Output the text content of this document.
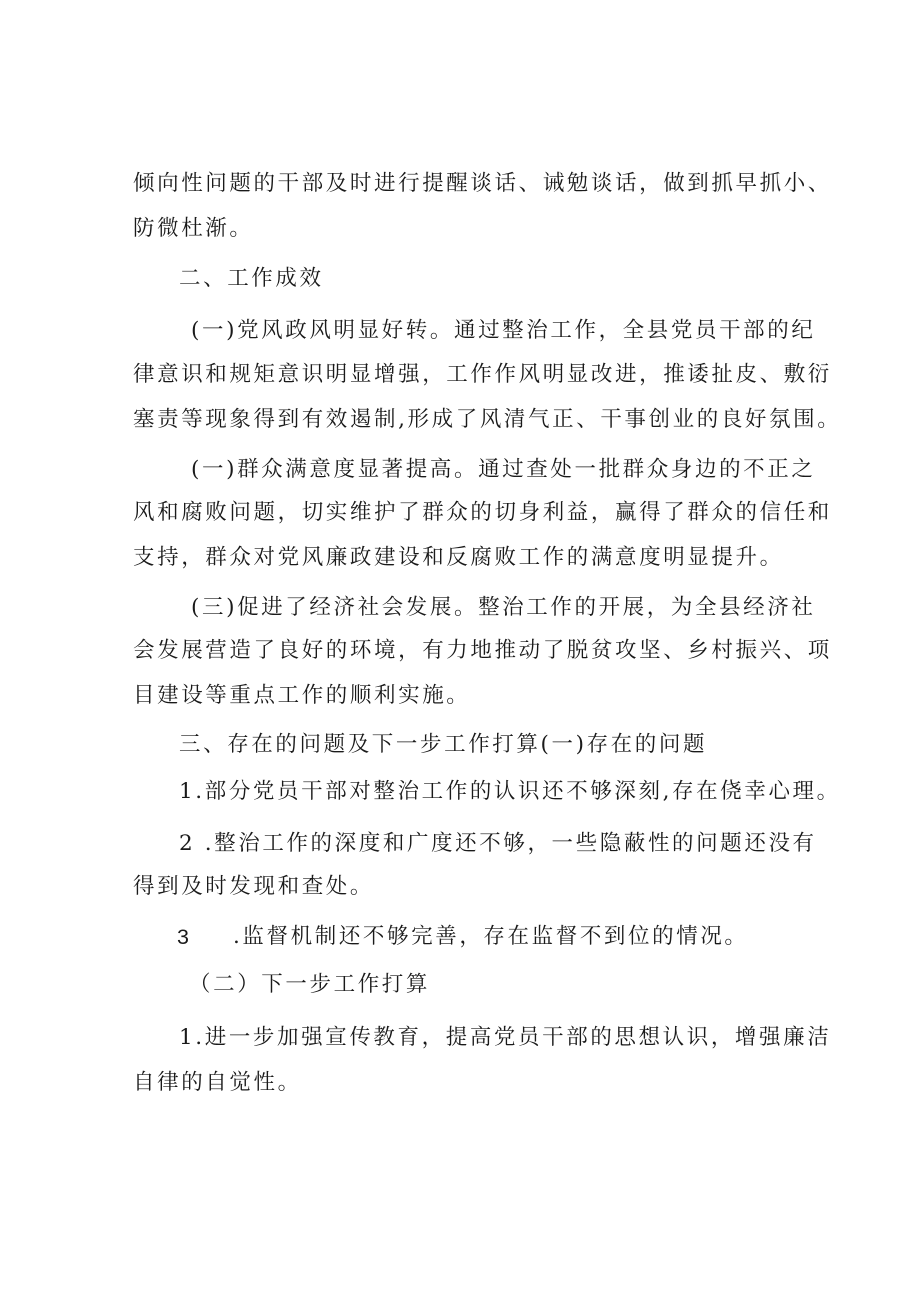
倾向性问题的干部及时进行提醒谈话、诫勉谈话，做到抓早抓小、
防微杜渐。
二、工作成效
(一)党风政风明显好转。通过整治工作，全县党员干部的纪
律意识和规矩意识明显增强，工作作风明显改进，推诿扯皮、敷衍
塞责等现象得到有效遏制,形成了风清气正、干事创业的良好氛围。
(一)群众满意度显著提高。通过查处一批群众身边的不正之
风和腐败问题，切实维护了群众的切身利益，赢得了群众的信任和
支持，群众对党风廉政建设和反腐败工作的满意度明显提升。
(三)促进了经济社会发展。整治工作的开展，为全县经济社
会发展营造了良好的环境，有力地推动了脱贫攻坚、乡村振兴、项
目建设等重点工作的顺利实施。
三、存在的问题及下一步工作打算(一)存在的问题
1.部分党员干部对整治工作的认识还不够深刻,存在侥幸心理。
2 .整治工作的深度和广度还不够，一些隐蔽性的问题还没有
得到及时发现和查处。
3 .监督机制还不够完善，存在监督不到位的情况。
（二）下一步工作打算
1.进一步加强宣传教育，提高党员干部的思想认识，增强廉洁
自律的自觉性。
